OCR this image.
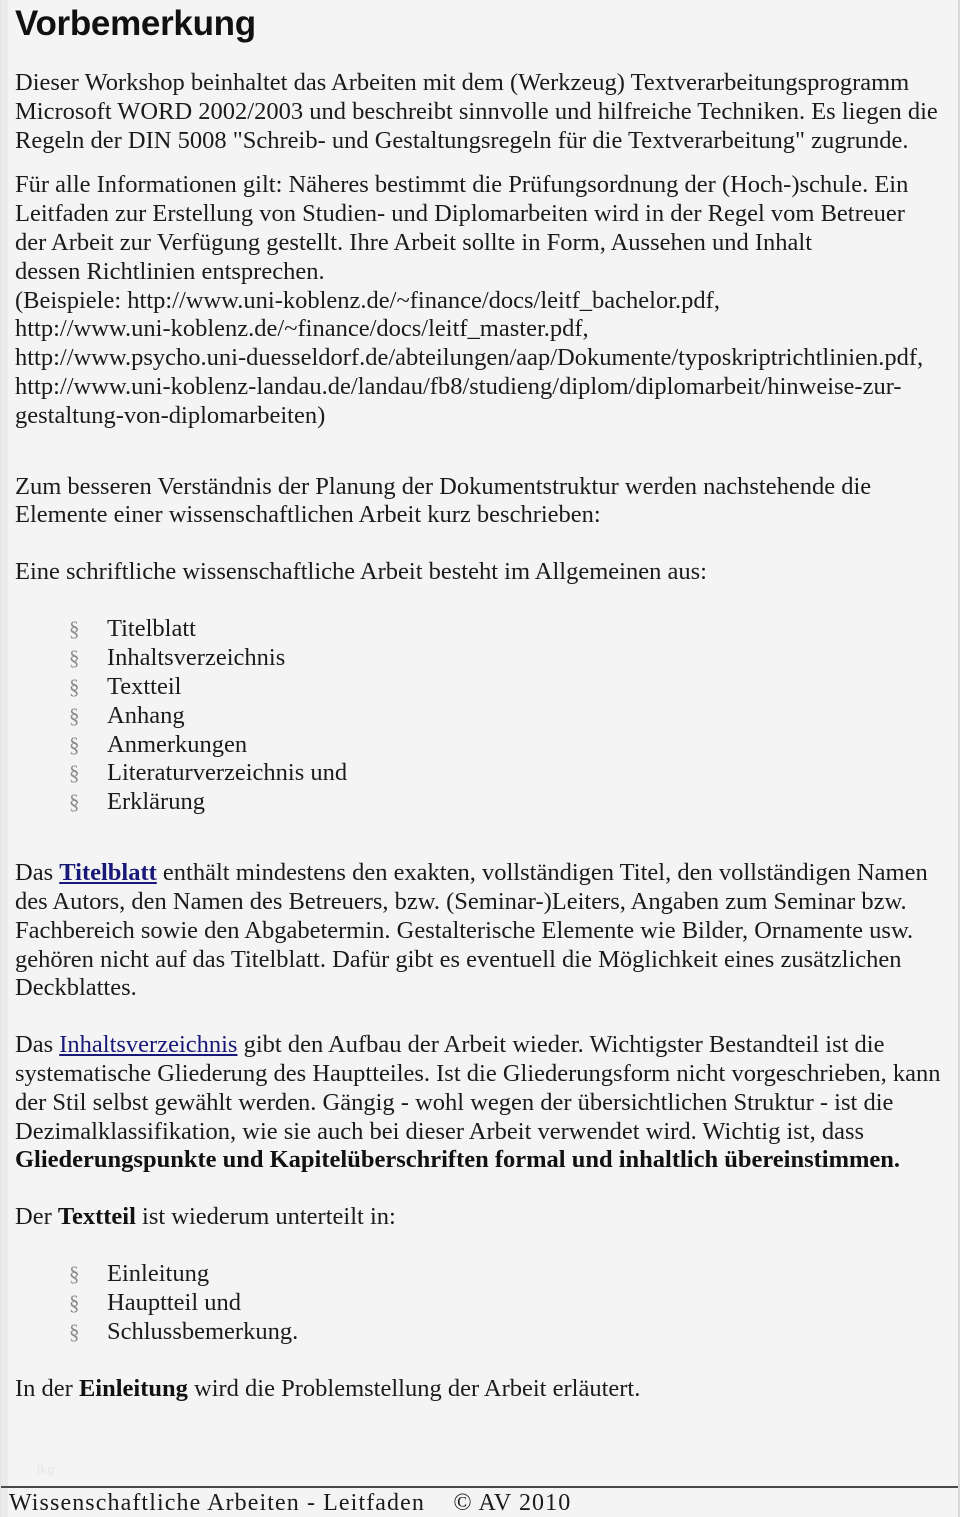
Vorbemerkung

Dieser Workshop beinhaltet das Arbeiten mit dem (Werkzeug) Textverarbeitungsprogramm Microsoft WORD 2002/2003 und beschreibt sinnvolle und hilfreiche Techniken. Es liegen die Regeln der DIN 5008 "Schreib- und Gestaltungsregeln für die Textverarbeitung" zugrunde.

Für alle Informationen gilt: Näheres bestimmt die Prüfungsordnung der (Hoch-)schule. Ein

Leitfaden zur Erstellung von Studien- und Diplomarbeiten wird in der Regel vom Betreuer

der Arbeit zur Verfügung gestellt. Ihre Arbeit sollte in Form, Aussehen und Inhalt

dessen Richtlinien entsprechen.

(Beispiele: http://www.uni-koblenz.de/~finance/docs/leitf_bachelor.pdf,

http://www.uni-koblenz.de/~finance/docs/leitf_master.pdf,

http://www.psycho.uni-duesseldorf.de/abteilungen/aap/Dokumente/typoskriptrichtlinien.pdf,

http://www.uni-koblenz-landau.de/landau/fb8/studieng/diplom/diplomarbeit/hinweise-zur-

gestaltung-von-diplomarbeiten)

Zum besseren Verständnis der Planung der Dokumentstruktur werden nachstehende die Elemente einer wissenschaftlichen Arbeit kurz beschrieben:

Eine schriftliche wissenschaftliche Arbeit besteht im Allgemeinen aus:

§	Titelblatt
§	Inhaltsverzeichnis
§	Textteil
§	Anhang
§	Anmerkungen
§	Literaturverzeichnis und
§	Erklärung

Das Titelblatt enthält mindestens den exakten, vollständigen Titel, den vollständigen Namen des Autors, den Namen des Betreuers, bzw. (Seminar-)Leiters, Angaben zum Seminar bzw. Fachbereich sowie den Abgabetermin. Gestalterische Elemente wie Bilder, Ornamente usw. gehören nicht auf das Titelblatt. Dafür gibt es eventuell die Möglichkeit eines zusätzlichen Deckblattes.

Das Inhaltsverzeichnis gibt den Aufbau der Arbeit wieder. Wichtigster Bestandteil ist die systematische Gliederung des Hauptteiles. Ist die Gliederungsform nicht vorgeschrieben, kann der Stil selbst gewählt werden. Gängig - wohl wegen der übersichtlichen Struktur - ist die Dezimalklassifikation, wie sie auch bei dieser Arbeit verwendet wird. Wichtig ist, dass Gliederungspunkte und Kapitelüberschriften formal und inhaltlich übereinstimmen.

Der Textteil ist wiederum unterteilt in:

§	Einleitung
§	Hauptteil und
§	Schlussbemerkung.

In der Einleitung wird die Problemstellung der Arbeit erläutert.

ikg
Wissenschaftliche Arbeiten - Leitfaden    © AV 2010
